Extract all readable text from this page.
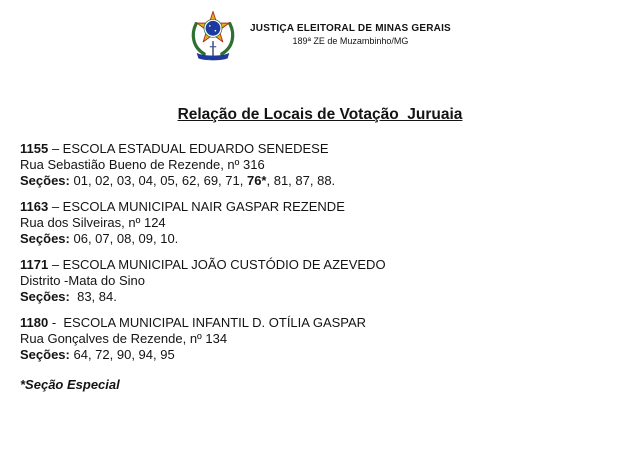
JUSTIÇA ELEITORAL DE MINAS GERAIS
189ª ZE de Muzambinho/MG
Relação de Locais de Votação  Juruaia
1155 – ESCOLA ESTADUAL EDUARDO SENEDESE
Rua Sebastião Bueno de Rezende, nº 316
Seções: 01, 02, 03, 04, 05, 62, 69, 71, 76*, 81, 87, 88.
1163 – ESCOLA MUNICIPAL NAIR GASPAR REZENDE
Rua dos Silveiras, nº 124
Seções: 06, 07, 08, 09, 10.
1171 – ESCOLA MUNICIPAL JOÃO CUSTÓDIO DE AZEVEDO
Distrito -Mata do Sino
Seções:  83, 84.
1180 -  ESCOLA MUNICIPAL INFANTIL D. OTÍLIA GASPAR
Rua Gonçalves de Rezende, nº 134
Seções: 64, 72, 90, 94, 95
*Seção Especial
